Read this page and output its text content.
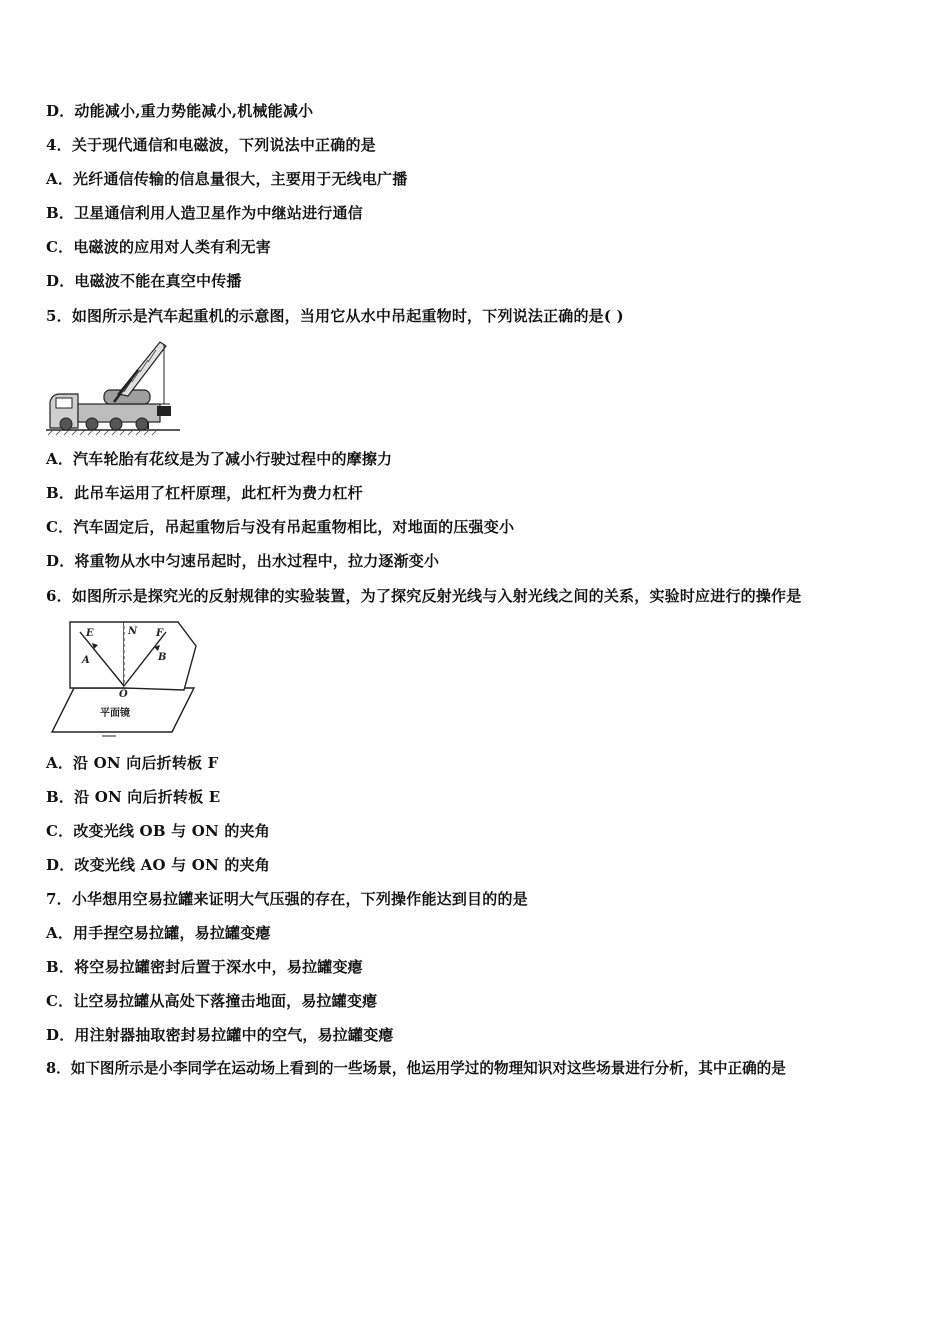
D．动能减小,重力势能减小,机械能减小
4．关于现代通信和电磁波，下列说法中正确的是
A．光纤通信传输的信息量很大，主要用于无线电广播
B．卫星通信利用人造卫星作为中继站进行通信
C．电磁波的应用对人类有利无害
D．电磁波不能在真空中传播
5．如图所示是汽车起重机的示意图，当用它从水中吊起重物时，下列说法正确的是( )
A．汽车轮胎有花纹是为了减小行驶过程中的摩擦力
B．此吊车运用了杠杆原理，此杠杆为费力杠杆
C．汽车固定后，吊起重物后与没有吊起重物相比，对地面的压强变小
D．将重物从水中匀速吊起时，出水过程中，拉力逐渐变小
6．如图所示是探究光的反射规律的实验装置，为了探究反射光线与入射光线之间的关系，实验时应进行的操作是
E	N F
A	B
O
平面镜
A．沿 ON 向后折转板 F
B．沿 ON 向后折转板 E
C．改变光线 OB 与 ON 的夹角
D．改变光线 AO 与 ON 的夹角
7．小华想用空易拉罐来证明大气压强的存在，下列操作能达到目的的是
A．用手捏空易拉罐，易拉罐变瘪
B．将空易拉罐密封后置于深水中，易拉罐变瘪
C．让空易拉罐从高处下落撞击地面，易拉罐变瘪
D．用注射器抽取密封易拉罐中的空气，易拉罐变瘪
8．如下图所示是小李同学在运动场上看到的一些场景，他运用学过的物理知识对这些场景进行分析，其中正确的是
